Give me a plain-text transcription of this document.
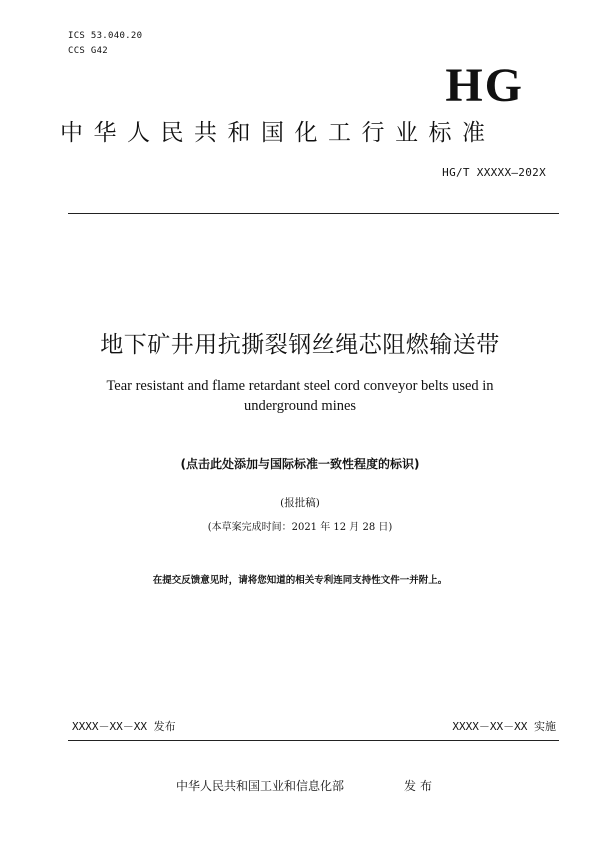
ICS 53.040.20
CCS G42
HG
中华人民共和国化工行业标准
HG/T XXXXX—202X
地下矿井用抗撕裂钢丝绳芯阻燃输送带
Tear resistant and flame retardant steel cord conveyor belts used in underground mines
(点击此处添加与国际标准一致性程度的标识)
(报批稿)
(本草案完成时间：2021 年 12 月 28 日)
在提交反馈意见时，请将您知道的相关专利连同支持性文件一并附上。
XXXX－XX－XX 发布	XXXX－XX－XX 实施
中华人民共和国工业和信息化部	发布
